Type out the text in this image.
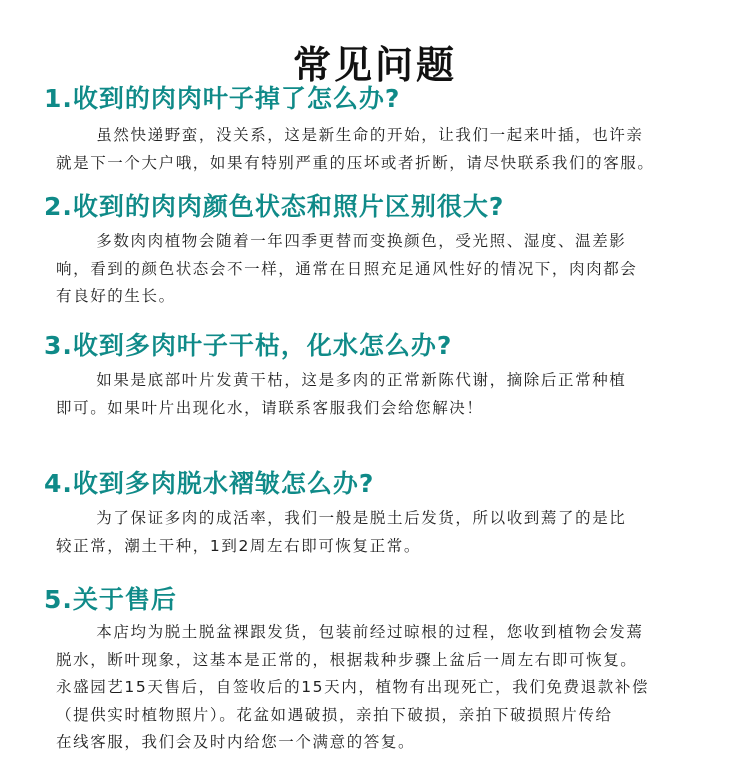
常见问题
1.收到的肉肉叶子掉了怎么办?

虽然快递野蛮，没关系，这是新生命的开始，让我们一起来叶插，也许亲
就是下一个大户哦，如果有特别严重的压坏或者折断，请尽快联系我们的客服。

2.收到的肉肉颜色状态和照片区别很大?

多数肉肉植物会随着一年四季更替而变换颜色，受光照、湿度、温差影
响，看到的颜色状态会不一样，通常在日照充足通风性好的情况下，肉肉都会
有良好的生长。

3.收到多肉叶子干枯，化水怎么办?

如果是底部叶片发黄干枯，这是多肉的正常新陈代谢，摘除后正常种植
即可。如果叶片出现化水，请联系客服我们会给您解决！

4.收到多肉脱水褶皱怎么办?

为了保证多肉的成活率，我们一般是脱土后发货，所以收到蔫了的是比
较正常，潮土干种，1到2周左右即可恢复正常。

5.关于售后

本店均为脱土脱盆裸跟发货，包装前经过晾根的过程，您收到植物会发蔫
脱水，断叶现象，这基本是正常的，根据栽种步骤上盆后一周左右即可恢复。
永盛园艺15天售后，自签收后的15天内，植物有出现死亡，我们免费退款补偿
（提供实时植物照片）。花盆如遇破损，亲拍下破损，亲拍下破损照片传给
在线客服，我们会及时内给您一个满意的答复。
